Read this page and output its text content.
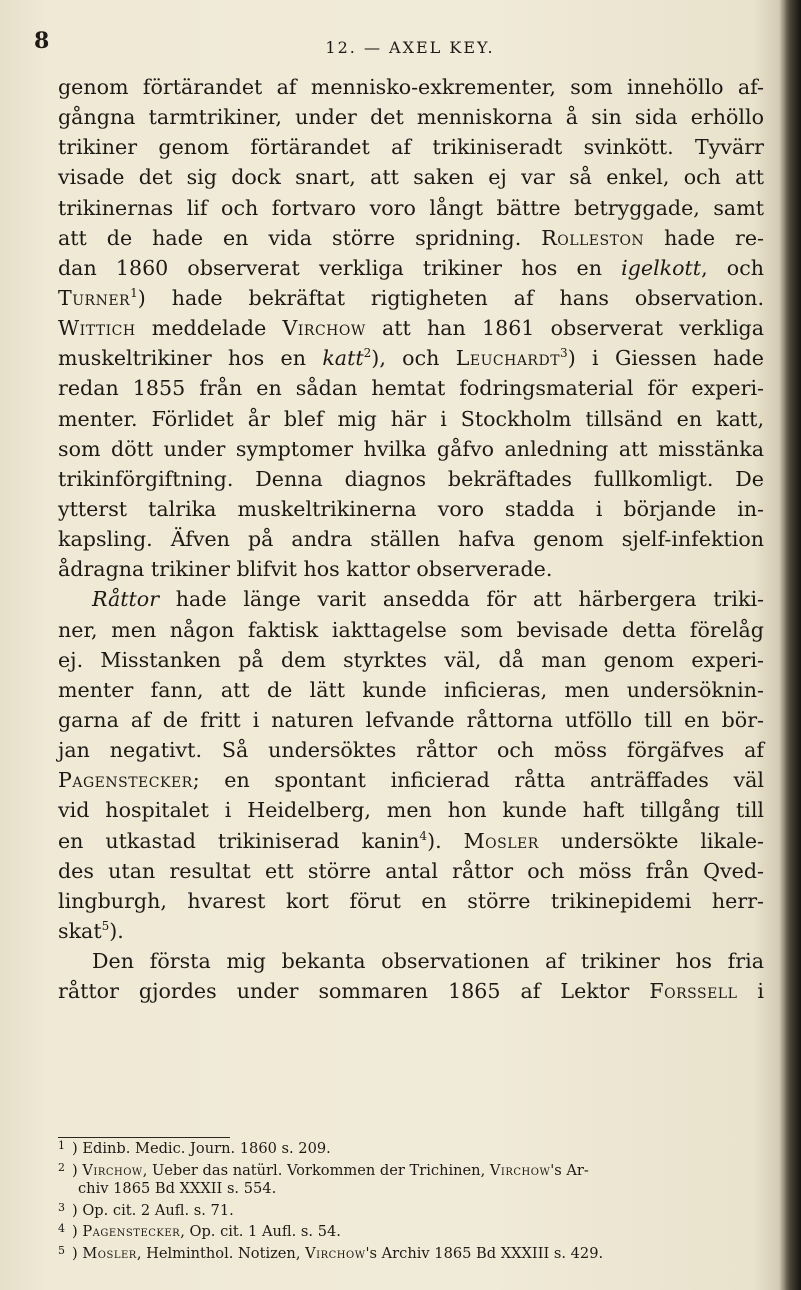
8	12. — AXEL KEY.
genom förtärandet af mennisko-exkrementer, som innehöllo af-
gångna tarmtrikiner, under det menniskorna å sin sida erhöllo
trikiner genom förtärandet af trikiniseradt svinkött. Tyvärr
visade det sig dock snart, att saken ej var så enkel, och att
trikinernas lif och fortvaro voro långt bättre betryggade, samt
att de hade en vida större spridning. Rolleston hade re-
dan 1860 observerat verkliga trikiner hos en igelkott, och
Turner$^1$) hade bekräftat rigtigheten af hans observation.
Wittich meddelade Virchow att han 1861 observerat verkliga
muskeltrikiner hos en katt$^2$), och Leuchardt$^3$) i Giessen hade
redan 1855 från en sådan hemtat fodringsmaterial för experi-
menter. Förlidet år blef mig här i Stockholm tillsänd en katt,
som dött under symptomer hvilka gåfvo anledning att misstänka
trikinförgiftning. Denna diagnos bekräftades fullkomligt. De
ytterst talrika muskeltrikinerna voro stadda i börjande in-
kapsling. Äfven på andra ställen hafva genom sjelf-infektion
ådragna trikiner blifvit hos kattor observerade.
Råttor hade länge varit ansedda för att härbergera triki-
ner, men någon faktisk iakttagelse som bevisade detta förelåg
ej. Misstanken på dem styrktes väl, då man genom experi-
menter fann, att de lätt kunde inficieras, men undersöknin-
garna af de fritt i naturen lefvande råttorna utföllo till en bör-
jan negativt. Så undersöktes råttor och möss förgäfves af
Pagenstecker; en spontant inficierad råtta anträffades väl
vid hospitalet i Heidelberg, men hon kunde haft tillgång till
en utkastad trikiniserad kanin$^4$). Mosler undersökte likale-
des utan resultat ett större antal råttor och möss från Qved-
lingburgh, hvarest kort förut en större trikinepidemi herr-
skat$^5$).
Den första mig bekanta observationen af trikiner hos fria
råttor gjordes under sommaren 1865 af Lektor Forssell i
1 ) Edinb. Medic. Journ. 1860 s. 209.
2 ) Virchow, Ueber das natürl. Vorkommen der Trichinen, Virchow's Ar-
chiv 1865 Bd XXXII s. 554.
3 ) Op. cit. 2 Aufl. s. 71.
4 ) Pagenstecker, Op. cit. 1 Aufl. s. 54.
5 ) Mosler, Helminthol. Notizen, Virchow's Archiv 1865 Bd XXXIII s. 429.
